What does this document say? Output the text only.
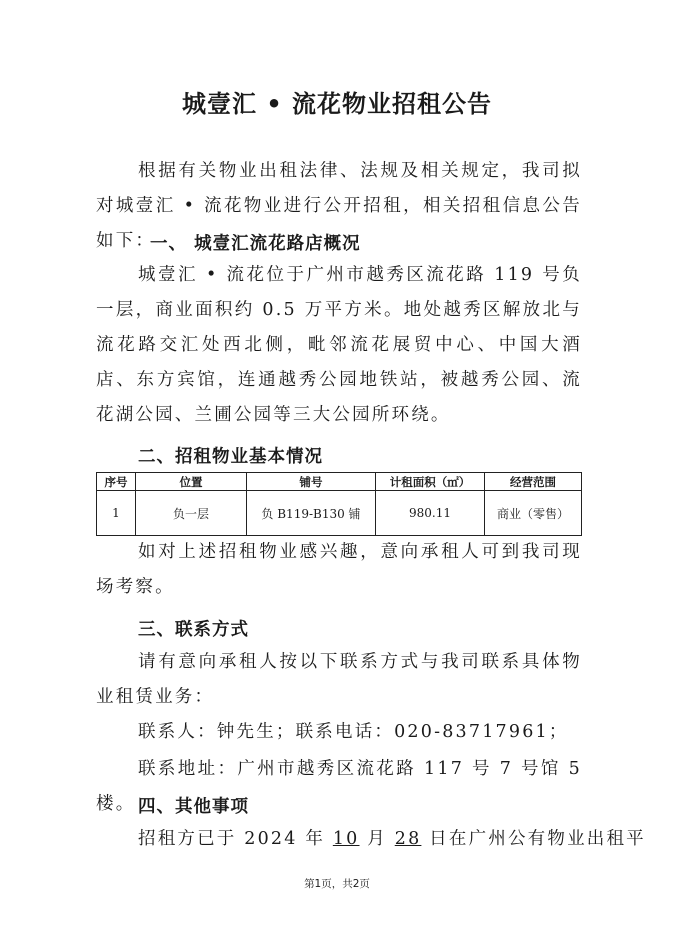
城壹汇 • 流花物业招租公告

根据有关物业出租法律、法规及相关规定，我司拟对城壹汇 • 流花物业进行公开招租，相关招租信息公告如下：

一、 城壹汇流花路店概况

城壹汇 • 流花位于广州市越秀区流花路 119 号负一层，商业面积约 0.5 万平方米。地处越秀区解放北与流花路交汇处西北侧，毗邻流花展贸中心、中国大酒店、东方宾馆，连通越秀公园地铁站，被越秀公园、流花湖公园、兰圃公园等三大公园所环绕。

二、招租物业基本情况
序号	位置	铺号	计租面积（㎡）	经营范围
1	负一层	负 B119-B130 铺	980.11	商业（零售）

如对上述招租物业感兴趣，意向承租人可到我司现场考察。

三、联系方式

请有意向承租人按以下联系方式与我司联系具体物业租赁业务：

联系人：钟先生；联系电话：020-83717961；

联系地址：广州市越秀区流花路 117 号 7 号馆 5 楼。 四、其他事项

招租方已于 2024 年 10 月 28 日在广州公有物业出租平

第1页，共2页
